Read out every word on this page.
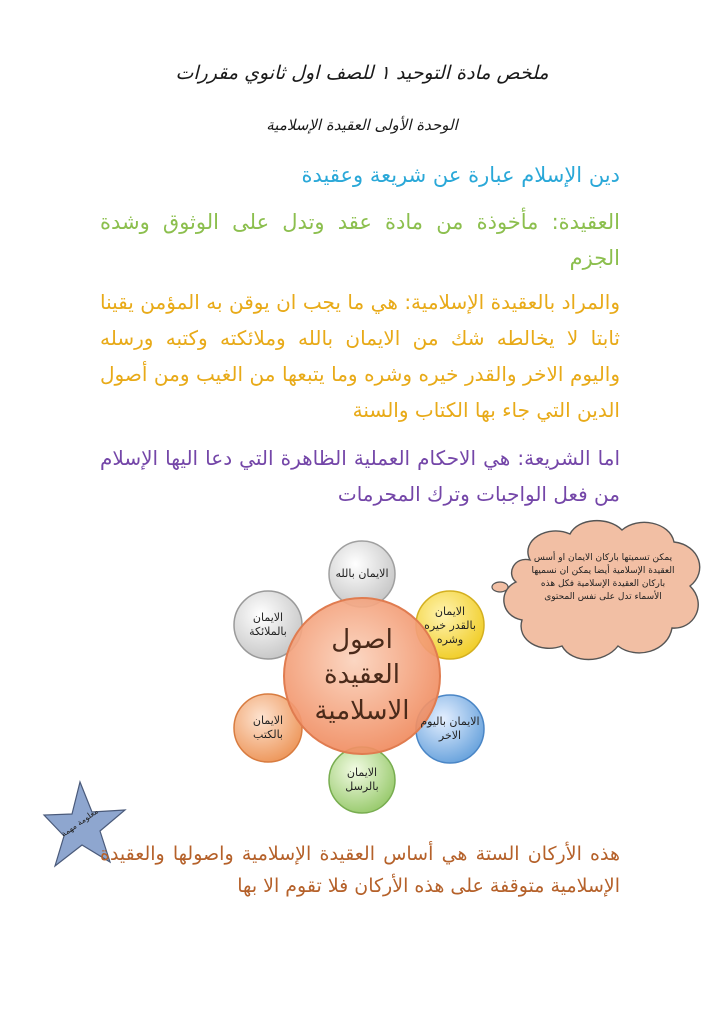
ملخص مادة التوحيد ١ للصف اول ثانوي مقررات
الوحدة الأولى العقيدة الإسلامية
دين الإسلام عبارة عن شريعة وعقيدة
العقيدة: مأخوذة من مادة عقد وتدل على الوثوق وشدة الجزم
والمراد بالعقيدة الإسلامية: هي ما يجب ان يوقن به المؤمن يقينا ثابتا لا يخالطه شك من الايمان بالله وملائكته وكتبه ورسله واليوم الاخر والقدر خيره وشره وما يتبعها من الغيب ومن أصول الدين التي جاء بها الكتاب والسنة
اما الشريعة: هي الاحكام العملية الظاهرة التي دعا اليها الإسلام من فعل الواجبات وترك المحرمات
الايمان بالله
الايمان بالقدر خيره وشره
الايمان باليوم الاخر
الايمان بالرسل
الايمان بالكتب
الايمان بالملائكة	اصول العقيدة الاسلامية
يمكن تسميتها باركان الايمان او أسس العقيدة الإسلامية أيضا يمكن ان نسميها باركان العقيدة الإسلامية فكل هذه الأسماء تدل على نفس المحتوى
معلومة مهمة
هذه الأركان الستة هي أساس العقيدة الإسلامية واصولها والعقيدة الإسلامية متوقفة على هذه الأركان فلا تقوم الا بها
